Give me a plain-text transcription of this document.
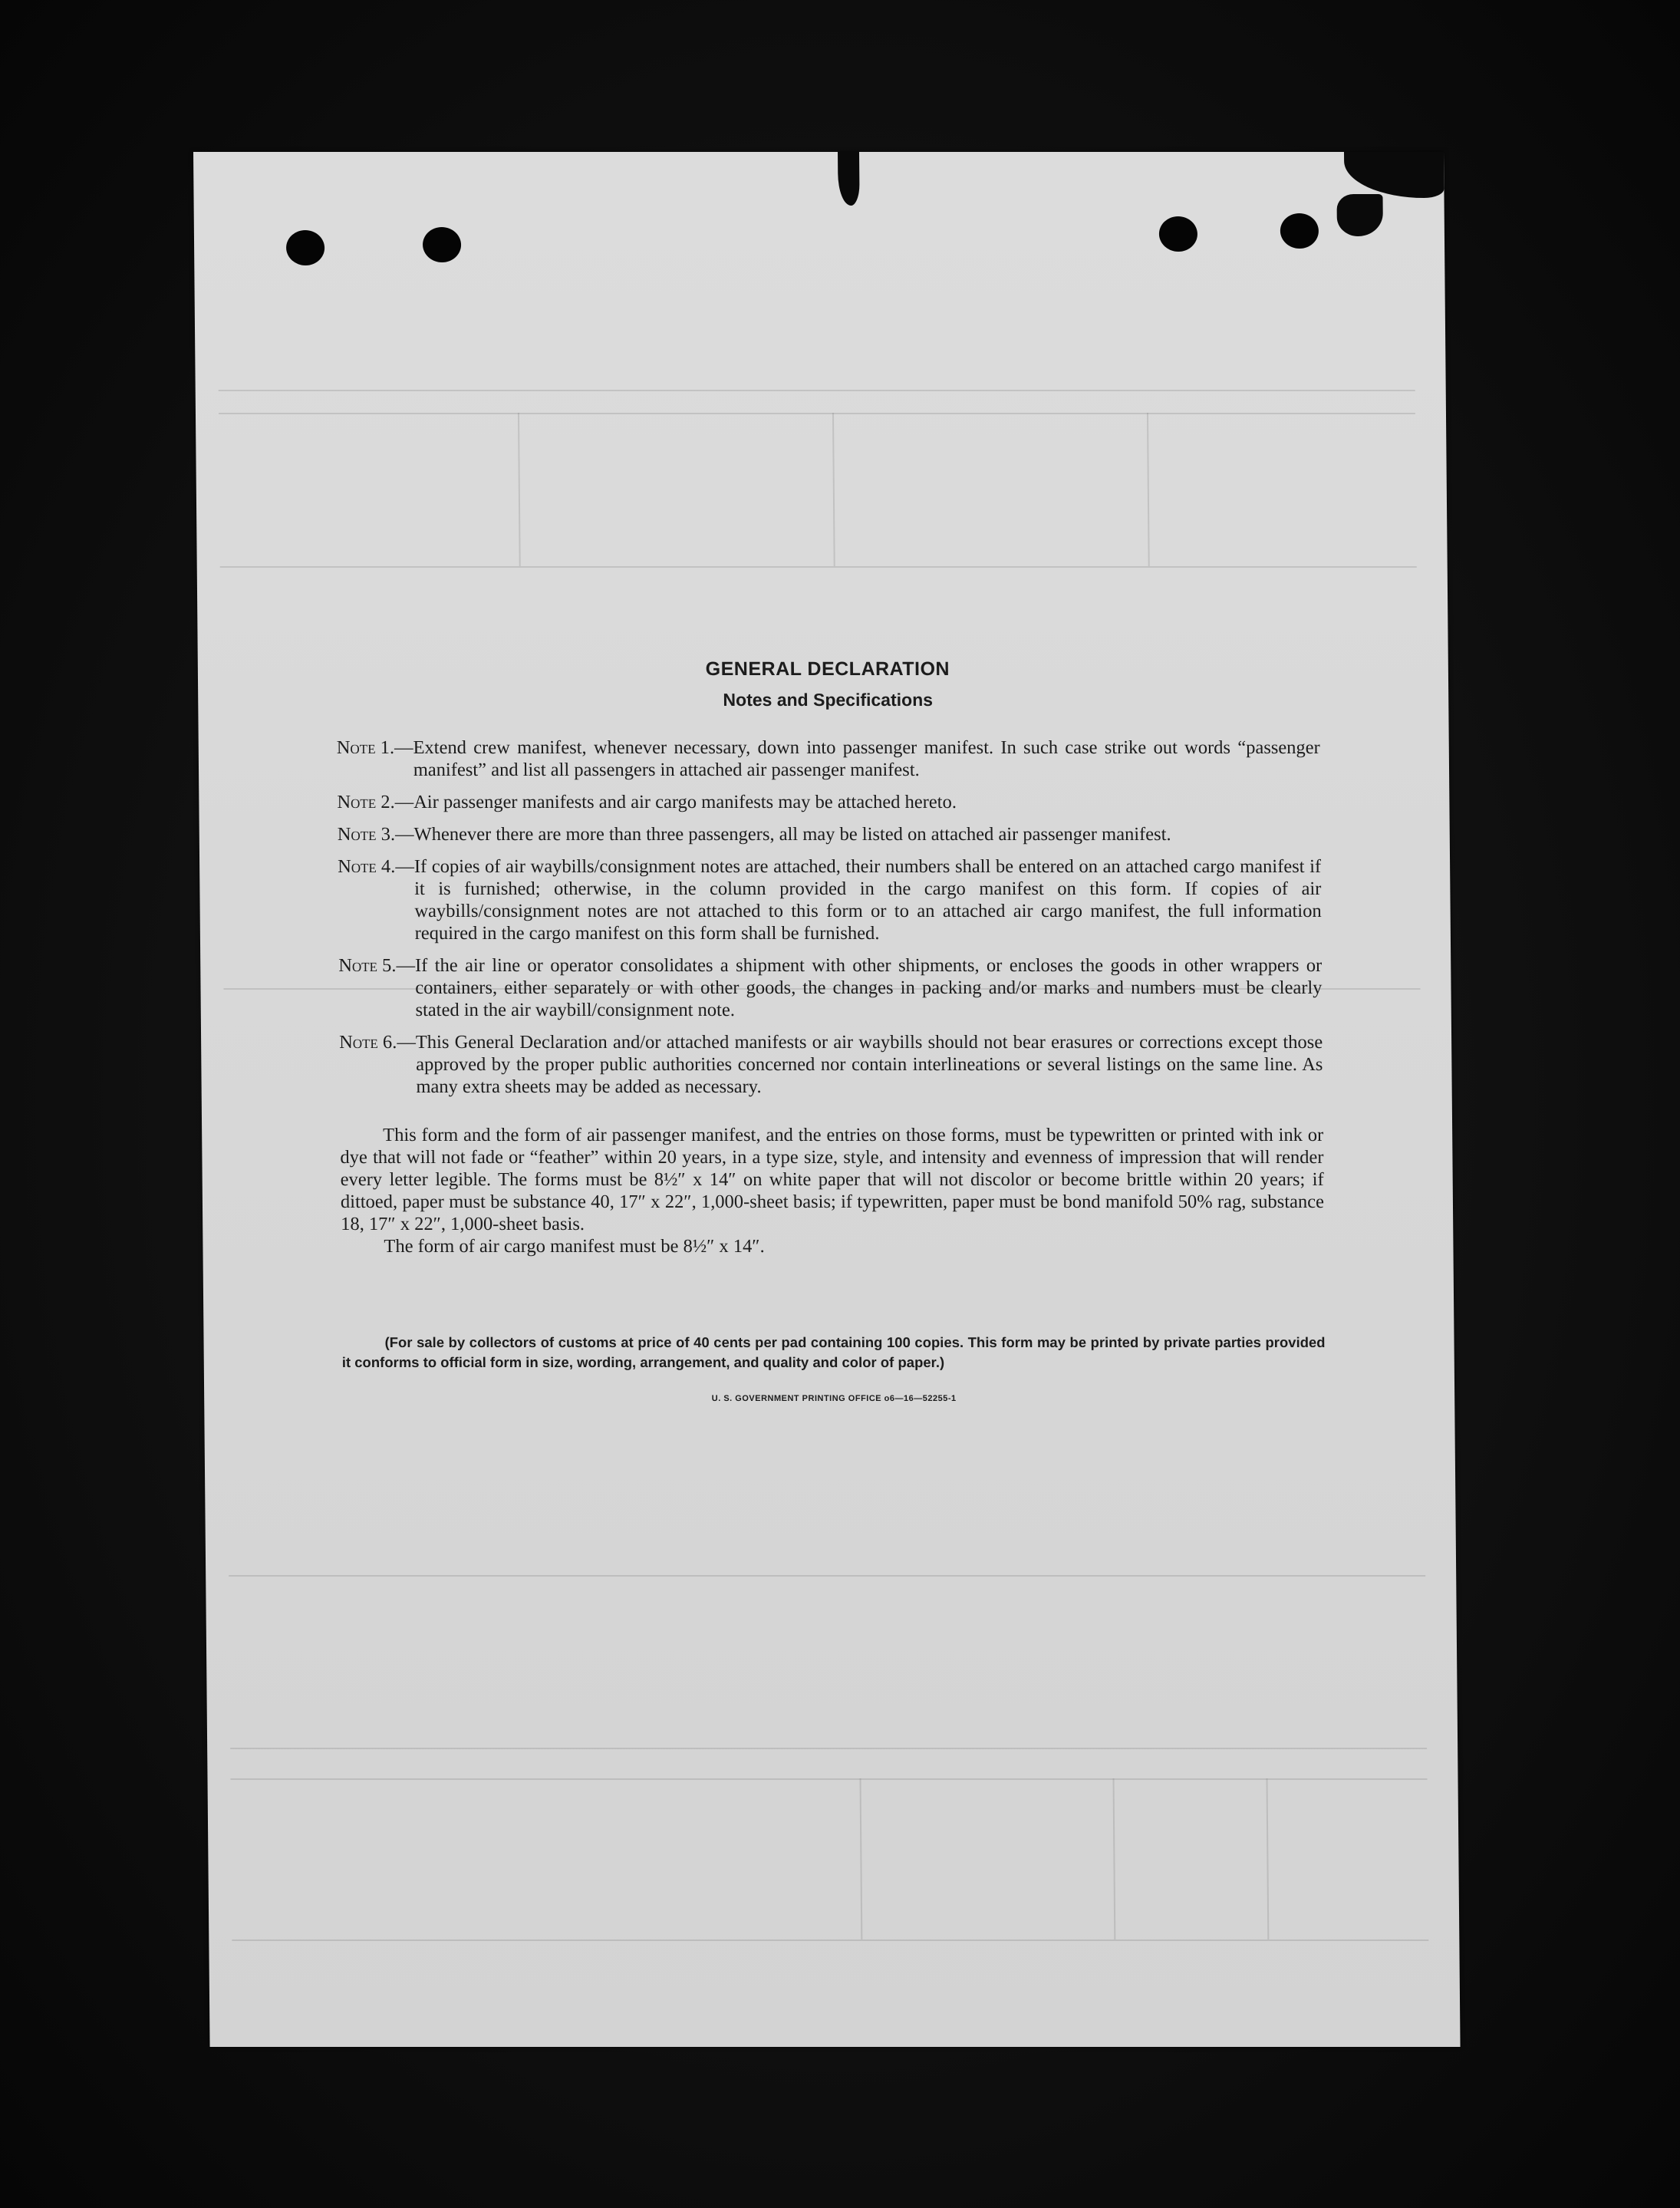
GENERAL DECLARATION
Notes and Specifications
Note 1. — Extend crew manifest, whenever necessary, down into passenger manifest. In such case strike out words “passenger manifest” and list all passengers in attached air passenger manifest.
Note 2. — Air passenger manifests and air cargo manifests may be attached hereto.
Note 3. — Whenever there are more than three passengers, all may be listed on attached air passenger manifest.
Note 4. — If copies of air waybills/consignment notes are attached, their numbers shall be entered on an attached cargo manifest if it is furnished; otherwise, in the column provided in the cargo manifest on this form. If copies of air waybills/consignment notes are not attached to this form or to an attached air cargo manifest, the full information required in the cargo manifest on this form shall be furnished.
Note 5. — If the air line or operator consolidates a shipment with other shipments, or encloses the goods in other wrappers or containers, either separately or with other goods, the changes in packing and/or marks and numbers must be clearly stated in the air waybill/consignment note.
Note 6. — This General Declaration and/or attached manifests or air waybills should not bear erasures or corrections except those approved by the proper public authorities concerned nor contain interlineations or several listings on the same line. As many extra sheets may be added as necessary.

This form and the form of air passenger manifest, and the entries on those forms, must be typewritten or printed with ink or dye that will not fade or “feather” within 20 years, in a type size, style, and intensity and evenness of impression that will render every letter legible. The forms must be 8½″ x 14″ on white paper that will not discolor or become brittle within 20 years; if dittoed, paper must be substance 40, 17″ x 22″, 1,000-sheet basis; if typewritten, paper must be bond manifold 50% rag, substance 18, 17″ x 22″, 1,000-sheet basis.

The form of air cargo manifest must be 8½″ x 14″.

(For sale by collectors of customs at price of 40 cents per pad containing 100 copies. This form may be printed by private parties provided it conforms to official form in size, wording, arrangement, and quality and color of paper.)

U. S. GOVERNMENT PRINTING OFFICE o6—16—52255-1
